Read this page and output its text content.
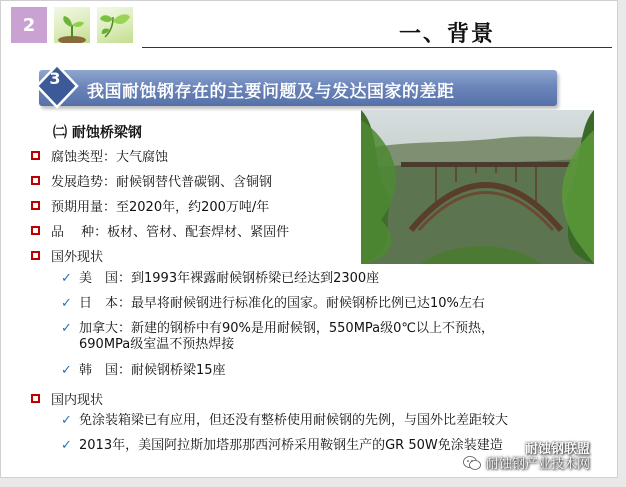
2	一、背景
3
我国耐蚀钢存在的主要问题及与发达国家的差距
㈡ 耐蚀桥梁钢
腐蚀类型：大气腐蚀
发展趋势：耐候钢替代普碳钢、含铜钢
预期用量：至2020年，约200万吨/年
品　 种：板材、管材、配套焊材、紧固件
国外现状
✓ 美　国：到1993年裸露耐候钢桥梁已经达到2300座
✓ 日　本：最早将耐候钢进行标准化的国家。耐候钢桥比例已达10%左右
✓ 加拿大：新建的钢桥中有90%是用耐候钢，550MPa级0℃以上不预热，
690MPa级室温不预热焊接
✓ 韩　国：耐候钢桥梁15座
国内现状
✓ 免涂装箱梁已有应用，但还没有整桥使用耐候钢的先例，与国外比差距较大
✓ 2013年，美国阿拉斯加塔那那西河桥采用鞍钢生产的GR 50W免涂装建造
耐蚀钢产业技术网
耐蚀钢联盟
